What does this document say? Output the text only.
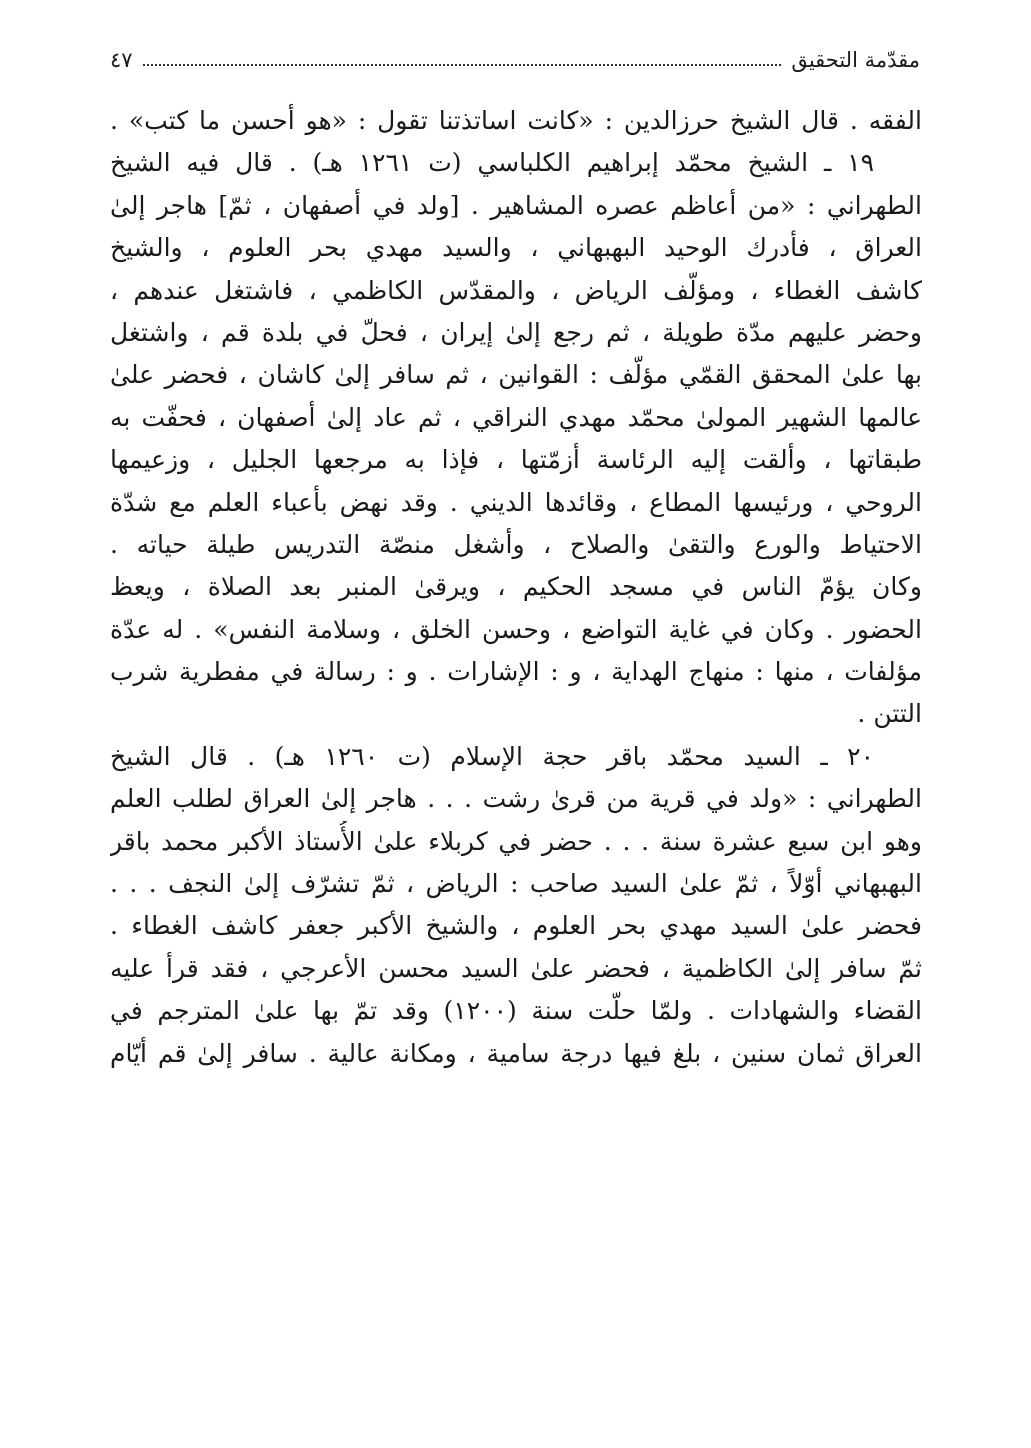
مقدّمة التحقيق
٤٧
الفقه . قال الشيخ حرزالدين : «كانت اساتذتنا تقول : «هو أحسن ما كتب» .
١٩ ـ الشيخ محمّد إبراهيم الكلباسي (ت ١٢٦١ هـ) . قال فيه الشيخ
الطهراني : «من أعاظم عصره المشاهير . [ولد في أصفهان ، ثمّ] هاجر إلىٰ
العراق ، فأدرك الوحيد البهبهاني ، والسيد مهدي بحر العلوم ، والشيخ
كاشف الغطاء ، ومؤلّف الرياض ، والمقدّس الكاظمي ، فاشتغل عندهم ،
وحضر عليهم مدّة طويلة ، ثم رجع إلىٰ إيران ، فحلّ في بلدة قم ، واشتغل
بها علىٰ المحقق القمّي مؤلّف : القوانين ، ثم سافر إلىٰ كاشان ، فحضر علىٰ
عالمها الشهير المولىٰ محمّد مهدي النراقي ، ثم عاد إلىٰ أصفهان ، فحفّت به
طبقاتها ، وألقت إليه الرئاسة أزمّتها ، فإذا به مرجعها الجليل ، وزعيمها
الروحي ، ورئيسها المطاع ، وقائدها الديني . وقد نهض بأعباء العلم مع شدّة
الاحتياط والورع والتقىٰ والصلاح ، وأشغل منصّة التدريس طيلة حياته .
وكان يؤمّ الناس في مسجد الحكيم ، ويرقىٰ المنبر بعد الصلاة ، ويعظ
الحضور . وكان في غاية التواضع ، وحسن الخلق ، وسلامة النفس» . له عدّة
مؤلفات ، منها : منهاج الهداية ، و : الإشارات . و : رسالة في مفطرية شرب
التتن .
٢٠ ـ السيد محمّد باقر حجة الإسلام (ت ١٢٦٠ هـ) . قال الشيخ
الطهراني : «ولد في قرية من قرىٰ رشت . . . هاجر إلىٰ العراق لطلب العلم
وهو ابن سبع عشرة سنة . . . حضر في كربلاء علىٰ الأُستاذ الأكبر محمد باقر
البهبهاني أوّلاً ، ثمّ علىٰ السيد صاحب : الرياض ، ثمّ تشرّف إلىٰ النجف . . .
فحضر علىٰ السيد مهدي بحر العلوم ، والشيخ الأكبر جعفر كاشف الغطاء .
ثمّ سافر إلىٰ الكاظمية ، فحضر علىٰ السيد محسن الأعرجي ، فقد قرأ عليه
القضاء والشهادات . ولمّا حلّت سنة (١٢٠٠) وقد تمّ بها علىٰ المترجم في
العراق ثمان سنين ، بلغ فيها درجة سامية ، ومكانة عالية . سافر إلىٰ قم أيّام
